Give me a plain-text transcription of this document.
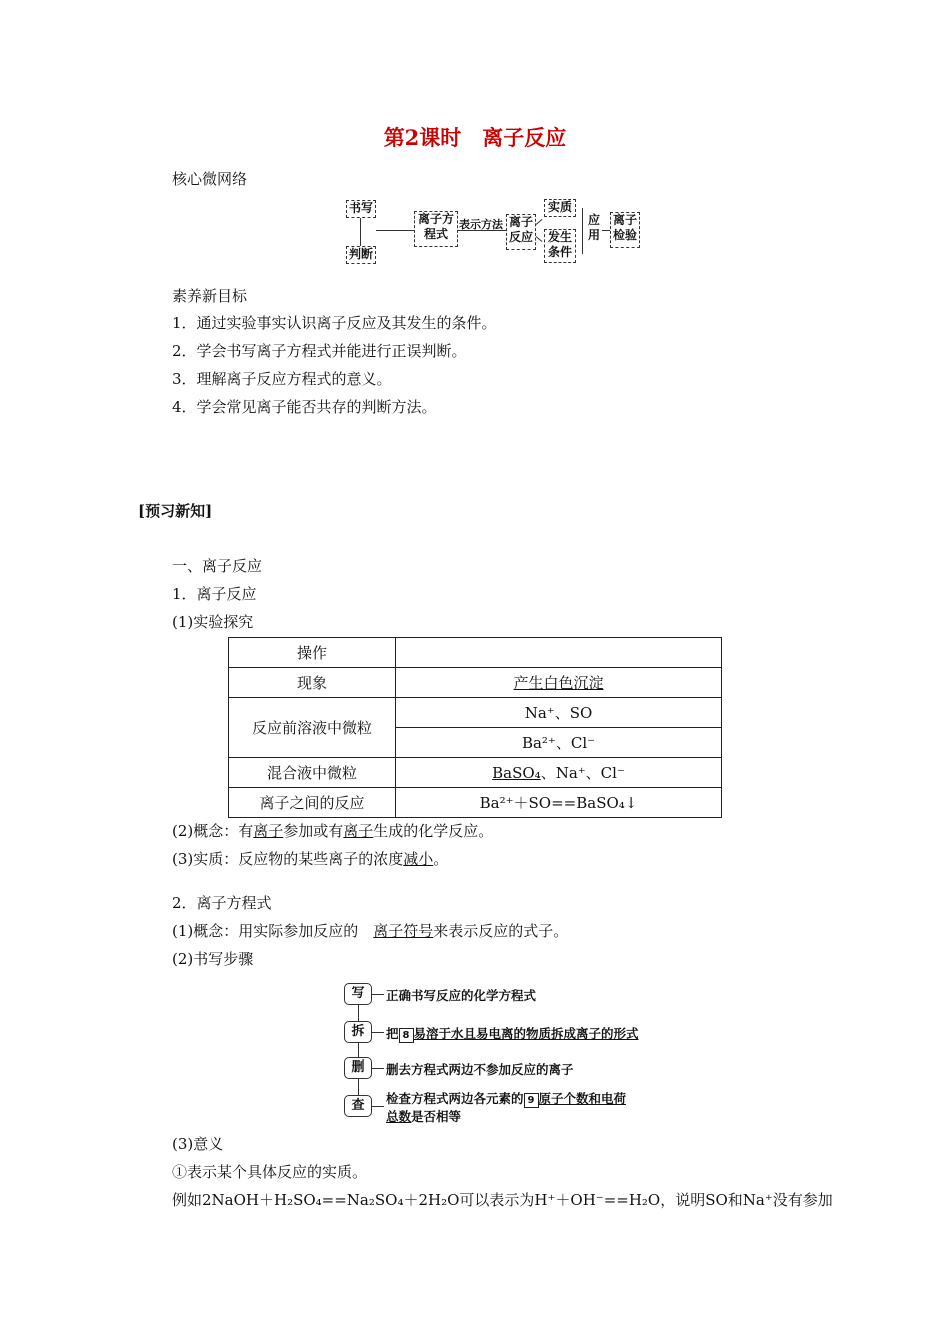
第2课时　离子反应
核心微网络
书写
判断
离子方
程式
表示方法 离子
反应
实质
发生
条件
应
用
离子
检验
素养新目标
1．通过实验事实认识离子反应及其发生的条件。
2．学会书写离子方程式并能进行正误判断。
3．理解离子反应方程式的意义。
4．学会常见离子能否共存的判断方法。
[预习新知]
一、离子反应
1．离子反应
(1)实验探究
操作	
现象	产生白色沉淀
反应前溶液中微粒	Na⁺、SO
	Ba²⁺、Cl⁻
混合液中微粒	BaSO₄、Na⁺、Cl⁻
离子之间的反应	Ba²⁺＋SO==BaSO₄↓
(2)概念：有离子参加或有离子生成的化学反应。
(3)实质：反应物的某些离子的浓度减小。
2．离子方程式
(1)概念：用实际参加反应的　离子符号来表示反应的式子。
(2)书写步骤
写	正确书写反应的化学方程式
拆	把 8 易溶于水且易电离的物质拆成离子的形式
删	删去方程式两边不参加反应的离子
查	检查方程式两边各元素的 9 原子个数和电荷
总数是否相等
(3)意义
①表示某个具体反应的实质。
例如2NaOH＋H₂SO₄==Na₂SO₄＋2H₂O可以表示为H⁺＋OH⁻==H₂O，说明SO和Na⁺没有参加
